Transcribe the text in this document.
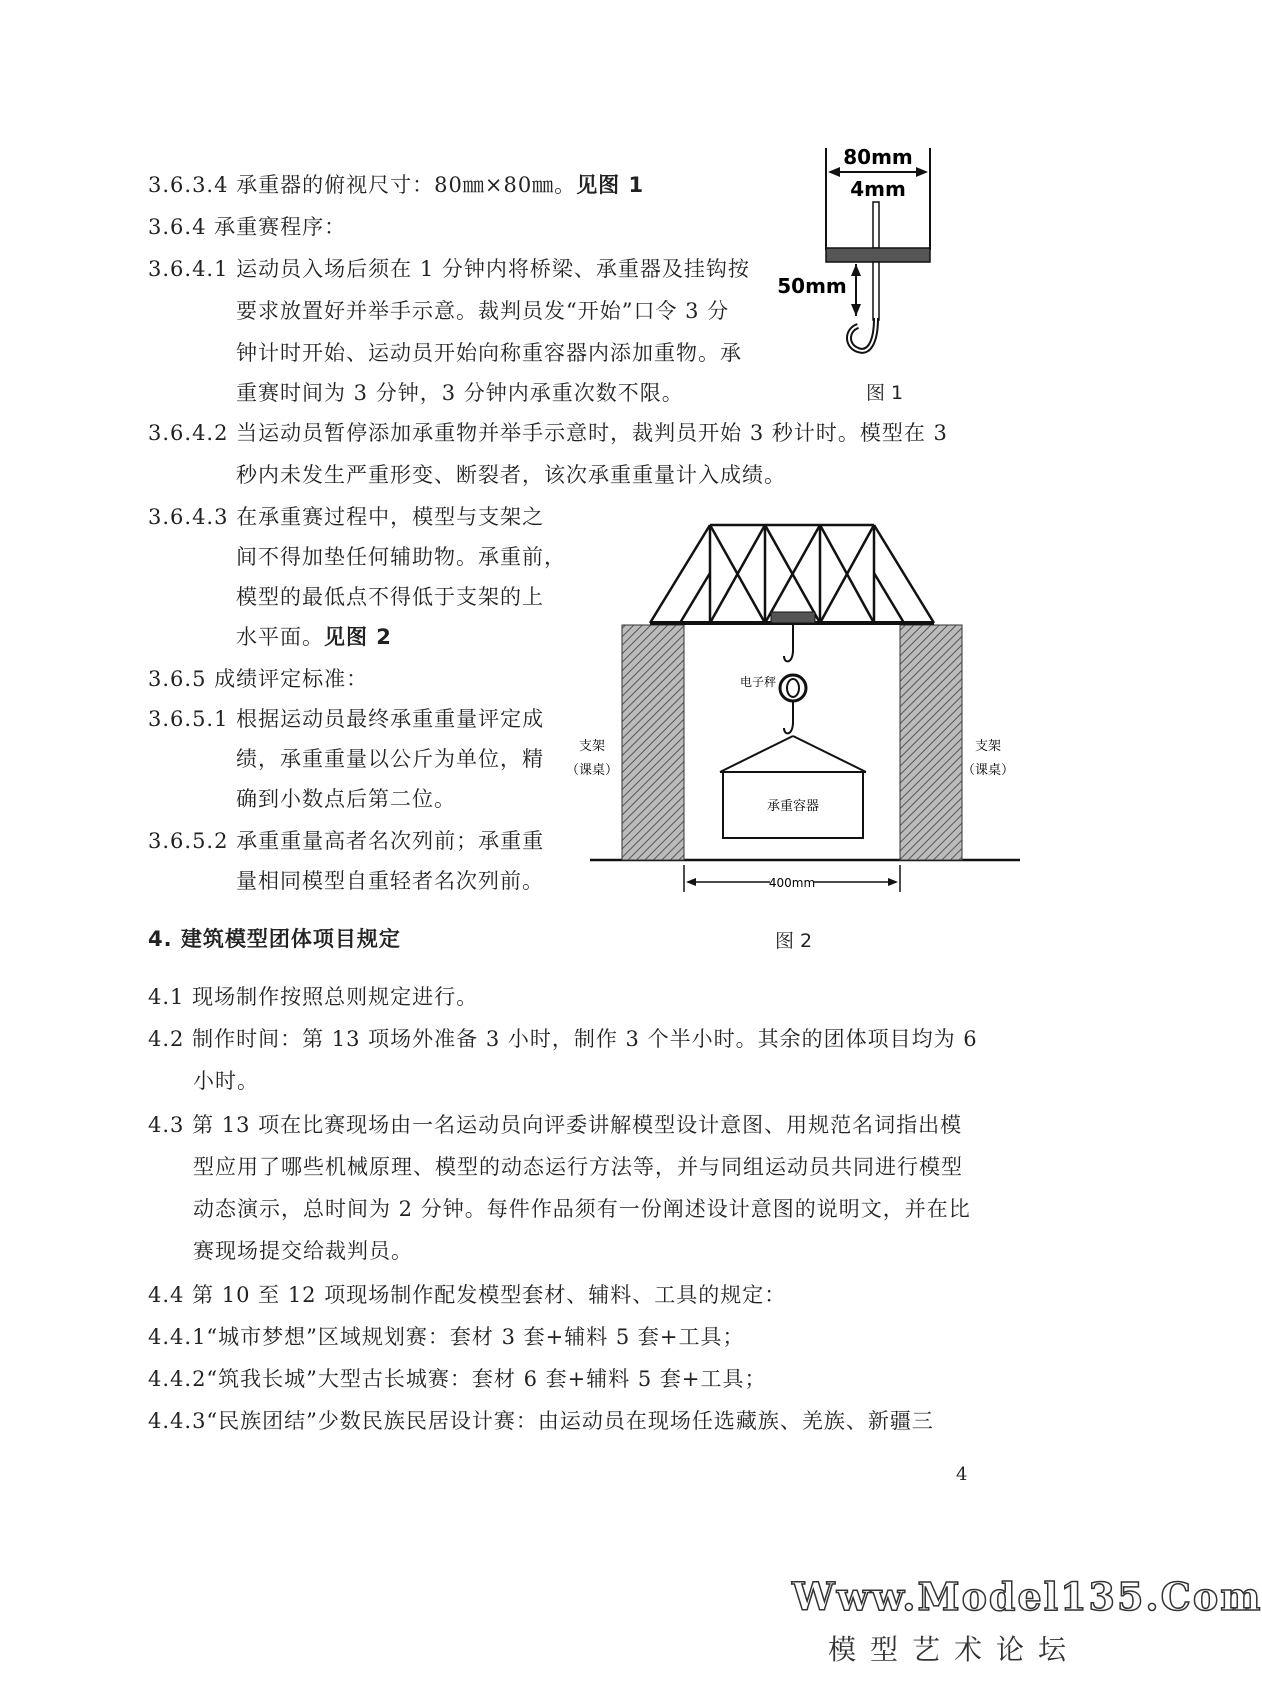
3.6.3.4 承重器的俯视尺寸：80㎜×80㎜。见图 1
3.6.4 承重赛程序：
3.6.4.1 运动员入场后须在 1 分钟内将桥梁、承重器及挂钩按
要求放置好并举手示意。裁判员发“开始”口令 3 分
钟计时开始、运动员开始向称重容器内添加重物。承
重赛时间为 3 分钟，3 分钟内承重次数不限。
3.6.4.2 当运动员暂停添加承重物并举手示意时，裁判员开始 3 秒计时。模型在 3
秒内未发生严重形变、断裂者，该次承重重量计入成绩。
3.6.4.3 在承重赛过程中，模型与支架之
间不得加垫任何辅助物。承重前，
模型的最低点不得低于支架的上
水平面。见图 2
3.6.5 成绩评定标准：
3.6.5.1 根据运动员最终承重重量评定成
绩，承重重量以公斤为单位，精
确到小数点后第二位。
3.6.5.2 承重重量高者名次列前；承重重
量相同模型自重轻者名次列前。
4. 建筑模型团体项目规定
4.1 现场制作按照总则规定进行。
4.2 制作时间：第 13 项场外准备 3 小时，制作 3 个半小时。其余的团体项目均为 6
小时。
4.3 第 13 项在比赛现场由一名运动员向评委讲解模型设计意图、用规范名词指出模
型应用了哪些机械原理、模型的动态运行方法等，并与同组运动员共同进行模型
动态演示，总时间为 2 分钟。每件作品须有一份阐述设计意图的说明文，并在比
赛现场提交给裁判员。
4.4 第 10 至 12 项现场制作配发模型套材、辅料、工具的规定：
4.4.1“城市梦想”区域规划赛：套材 3 套+辅料 5 套+工具；
4.4.2“筑我长城”大型古长城赛：套材 6 套+辅料 5 套+工具；
4.4.3“民族团结”少数民族民居设计赛：由运动员在现场任选藏族、羌族、新疆三
4
80mm
4mm
50mm
图 1
电子秤
承重容器
支架
（课桌）
支架
（课桌）
400mm
图 2
Www.Model135.Com
模型艺术论坛
